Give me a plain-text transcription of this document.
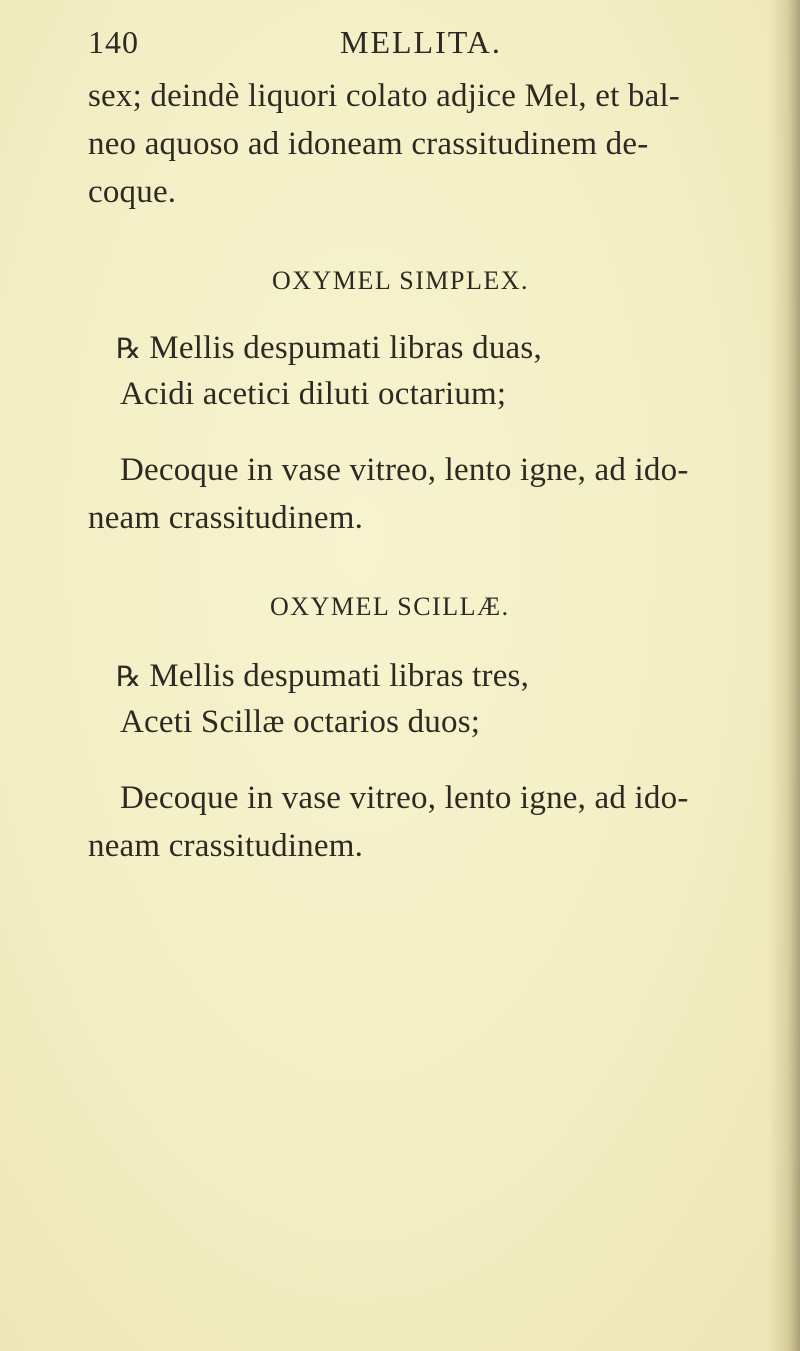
140	MELLITA.
sex; deindè liquori colato adjice Mel, et bal-
neo aquoso ad idoneam crassitudinem de-
coque.
OXYMEL SIMPLEX.
℞ Mellis despumati libras duas,
Acidi acetici diluti octarium;
Decoque in vase vitreo, lento igne, ad ido-
neam crassitudinem.
OXYMEL SCILLÆ.
℞ Mellis despumati libras tres,
Aceti Scillæ octarios duos;
Decoque in vase vitreo, lento igne, ad ido-
neam crassitudinem.
